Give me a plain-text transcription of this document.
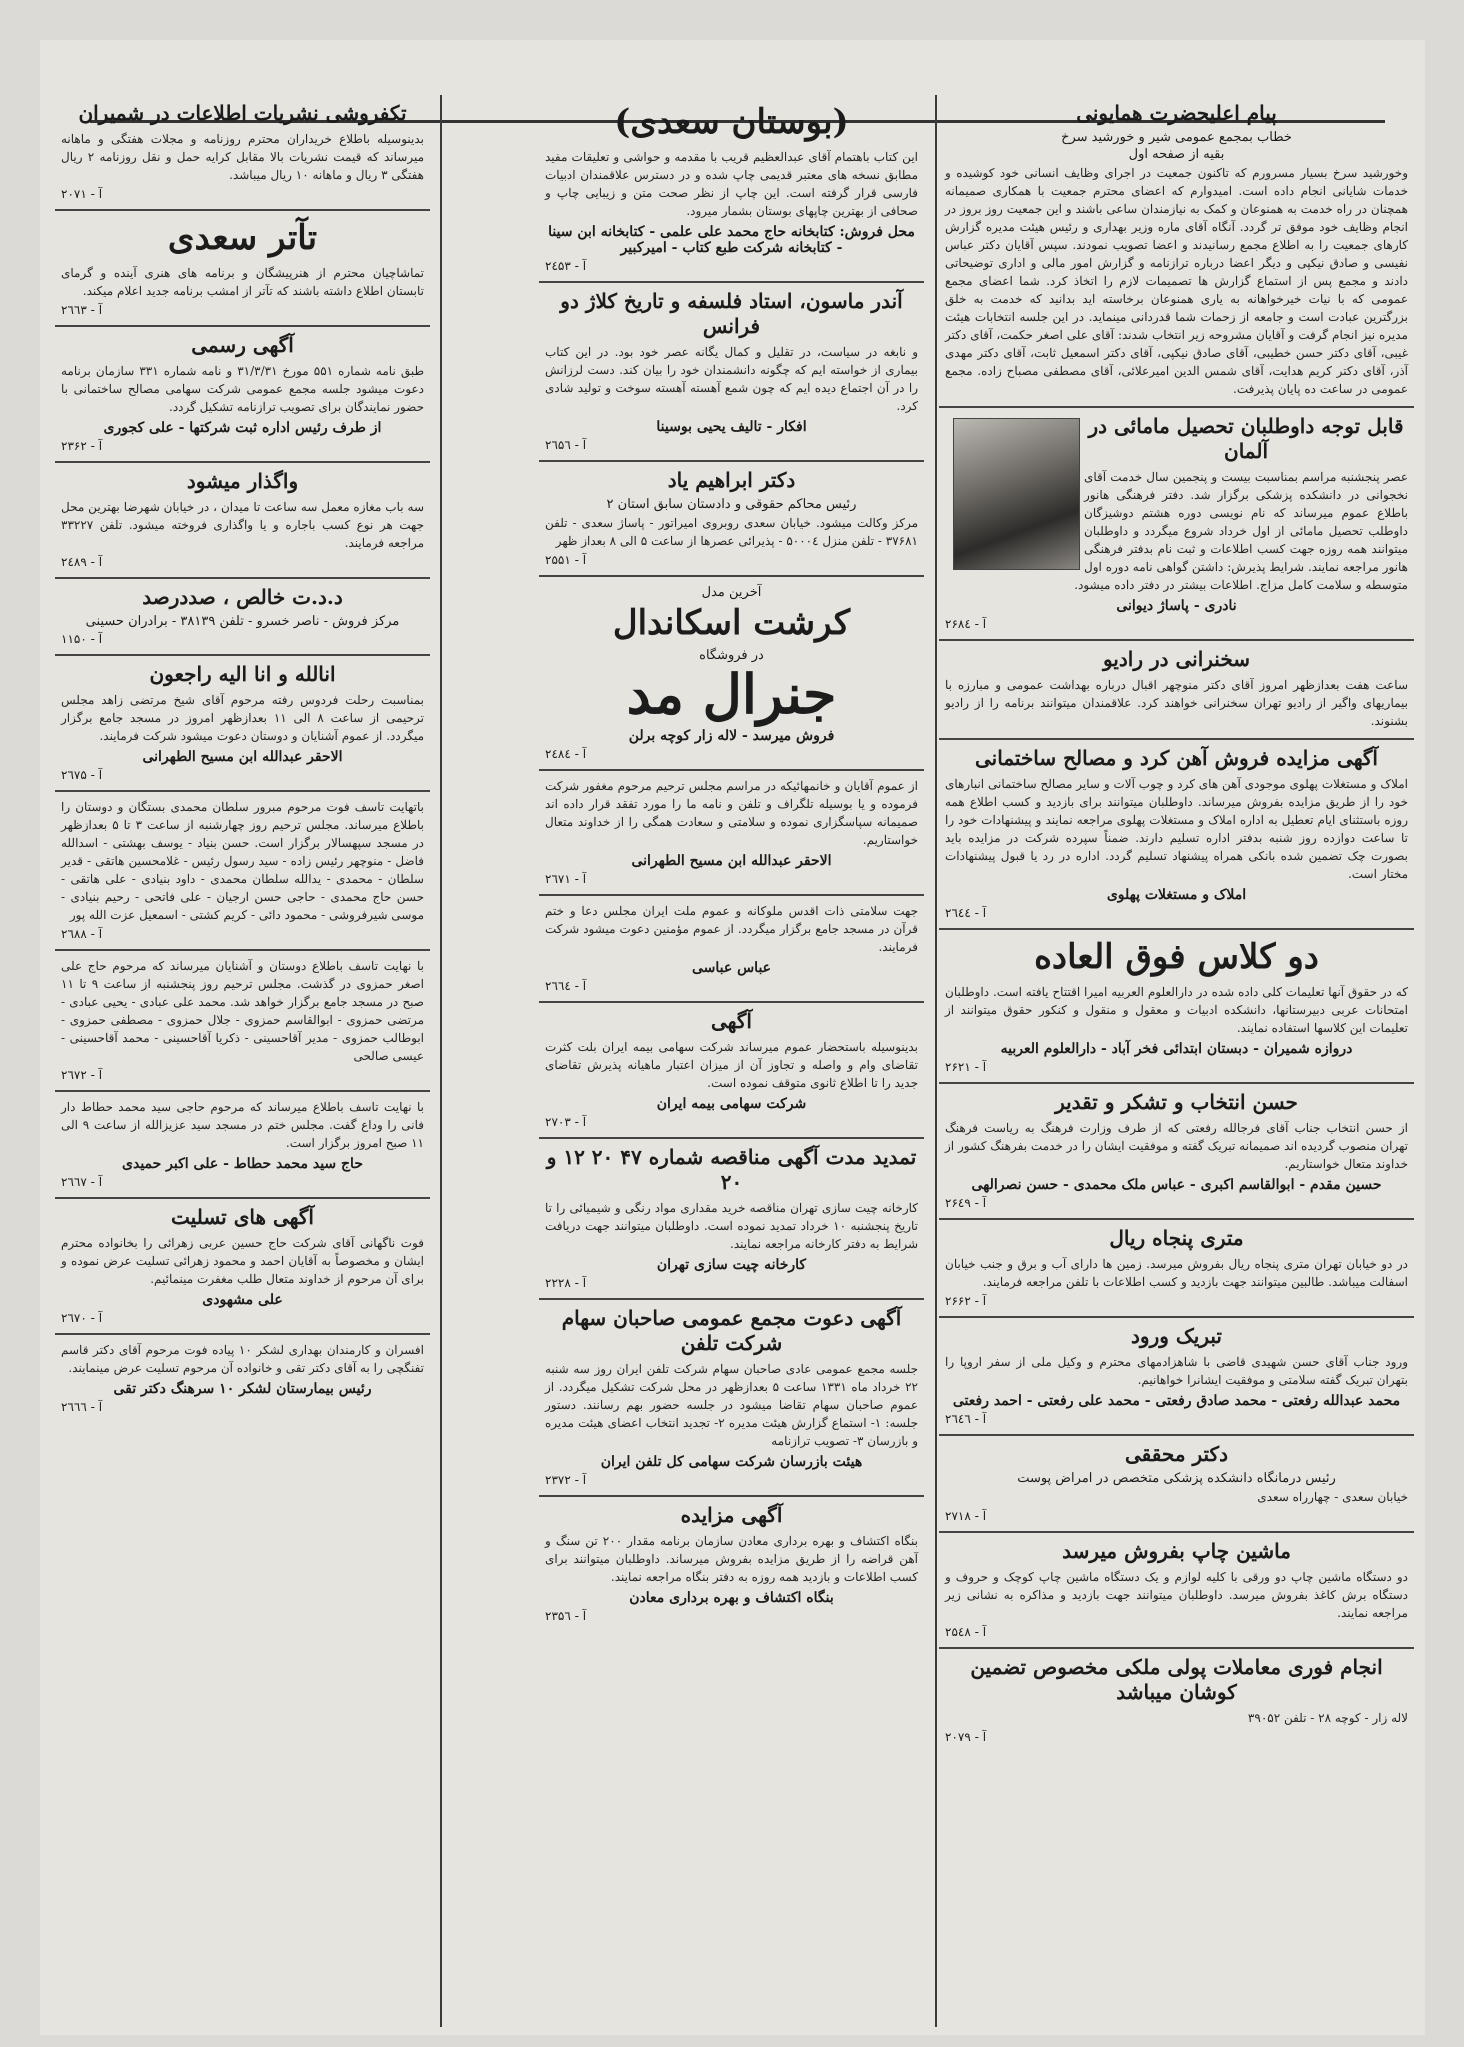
پیام اعلیحضرت همایونی
خطاب بمجمع عمومی شیر و خورشید سرخ
بقیه از صفحه اول

وخورشید سرخ بسیار مسرورم که تاکنون جمعیت در اجرای وظایف انسانی خود کوشیده و خدمات شایانی انجام داده است. امیدوارم که اعضای محترم جمعیت با همکاری صمیمانه همچنان در راه خدمت به همنوعان و کمک به نیازمندان ساعی باشند و این جمعیت روز بروز در انجام وظایف خود موفق تر گردد. آنگاه آقای ماره وزیر بهداری و رئیس هیئت مدیره گزارش کارهای جمعیت را به اطلاع مجمع رسانیدند و اعضا تصویب نمودند. سپس آقایان دکتر عباس نفیسی و صادق نیکپی و دیگر اعضا درباره ترازنامه و گزارش امور مالی و اداری توضیحاتی دادند و مجمع پس از استماع گزارش ها تصمیمات لازم را اتخاذ کرد. شما اعضای مجمع عمومی که با نیات خیرخواهانه به یاری همنوعان برخاسته اید بدانید که خدمت به خلق بزرگترین عبادت است و جامعه از زحمات شما قدردانی مینماید. در این جلسه انتخابات هیئت مدیره نیز انجام گرفت و آقایان مشروحه زیر انتخاب شدند: آقای علی اصغر حکمت، آقای دکتر غیبی، آقای دکتر حسن خطیبی، آقای صادق نیکپی، آقای دکتر اسمعیل ثابت، آقای دکتر مهدی آذر، آقای دکتر کریم هدایت، آقای شمس الدین امیرعلائی، آقای مصطفی مصباح زاده. مجمع عمومی در ساعت ده پایان پذیرفت.

قابل توجه داوطلبان تحصیل مامائی در آلمان

عصر پنجشنبه مراسم بمناسبت بیست و پنجمین سال خدمت آقای نخجوانی در دانشکده پزشکی برگزار شد. دفتر فرهنگی هانور باطلاع عموم میرساند که نام نویسی دوره هشتم دوشیزگان داوطلب تحصیل مامائی از اول خرداد شروع میگردد و داوطلبان میتوانند همه روزه جهت کسب اطلاعات و ثبت نام بدفتر فرهنگی هانور مراجعه نمایند. شرایط پذیرش: داشتن گواهی نامه دوره اول متوسطه و سلامت کامل مزاج. اطلاعات بیشتر در دفتر داده میشود.

نادری - پاساژ دیوانی
آ - ۲۶۸٤
سخنرانی در رادیو

ساعت هفت بعدازظهر امروز آقای دکتر منوچهر اقبال درباره بهداشت عمومی و مبارزه با بیماریهای واگیر از رادیو تهران سخنرانی خواهند کرد. علاقمندان میتوانند برنامه را از رادیو بشنوند.

آگهی مزایده فروش آهن کرد و مصالح ساختمانی

املاک و مستغلات پهلوی موجودی آهن های کرد و چوب آلات و سایر مصالح ساختمانی انبارهای خود را از طریق مزایده بفروش میرساند. داوطلبان میتوانند برای بازدید و کسب اطلاع همه روزه باستثنای ایام تعطیل به اداره املاک و مستغلات پهلوی مراجعه نمایند و پیشنهادات خود را تا ساعت دوازده روز شنبه بدفتر اداره تسلیم دارند. ضمناً سپرده شرکت در مزایده باید بصورت چک تضمین شده بانکی همراه پیشنهاد تسلیم گردد. اداره در رد یا قبول پیشنهادات مختار است.

املاک و مستغلات پهلوی
آ - ۲٦٤٤
دو کلاس فوق العاده

که در حقوق آنها تعلیمات کلی داده شده در دارالعلوم العربیه امیرا اقتتاح یافته است. داوطلبان امتحانات عربی دبیرستانها، دانشکده ادبیات و معقول و منقول و کنکور حقوق میتوانند از تعلیمات این کلاسها استفاده نمایند.

دروازه شمیران - دبستان ابتدائی فخر آباد - دارالعلوم العربیه
آ - ۲۶۲۱
حسن انتخاب و تشکر و تقدیر

از حسن انتخاب جناب آقای فرجالله رفعتی که از طرف وزارت فرهنگ به ریاست فرهنگ تهران منصوب گردیده اند صمیمانه تبریک گفته و موفقیت ایشان را در خدمت بفرهنگ کشور از خداوند متعال خواستاریم.

حسین مقدم - ابوالقاسم اکبری - عباس ملک محمدی - حسن نصرالهی
آ - ۲۶٤۹
متری پنجاه ریال

در دو خیابان تهران متری پنجاه ریال بفروش میرسد. زمین ها دارای آب و برق و جنب خیابان اسفالت میباشد. طالبین میتوانند جهت بازدید و کسب اطلاعات با تلفن مراجعه فرمایند.

آ - ۲۶۶۲
تبریک ورود

ورود جناب آقای حسن شهیدی قاضی با شاهزادمهای محترم و وکیل ملی از سفر اروپا را بتهران تبریک گفته سلامتی و موفقیت ایشانرا خواهانیم.

محمد عبدالله رفعتی - محمد صادق رفعتی - محمد علی رفعتی - احمد رفعتی
آ - ۲٦٤٦
دکتر محققی
رئیس درمانگاه دانشکده پزشکی متخصص در امراض پوست

خیابان سعدی - چهارراه سعدی

آ - ۲۷۱۸
ماشین چاپ بفروش میرسد

دو دستگاه ماشین چاپ دو ورقی با کلیه لوازم و یک دستگاه ماشین چاپ کوچک و حروف و دستگاه برش کاغذ بفروش میرسد. داوطلبان میتوانند جهت بازدید و مذاکره به نشانی زیر مراجعه نمایند.

آ - ۲۵٤۸
انجام فوری معاملات پولی ملکی مخصوص تضمین کوشان میباشد

لاله زار - کوچه ۲۸ - تلفن ۳۹۰۵۲

آ - ۲۰۷۹
(بوستان سعدی)

این کتاب باهتمام آقای عبدالعظیم قریب با مقدمه و حواشی و تعلیقات مفید مطابق نسخه های معتبر قدیمی چاپ شده و در دسترس علاقمندان ادبیات فارسی قرار گرفته است. این چاپ از نظر صحت متن و زیبایی چاپ و صحافی از بهترین چاپهای بوستان بشمار میرود.

محل فروش: کتابخانه حاج محمد علی علمی - کتابخانه ابن سینا - کتابخانه شرکت طبع کتاب - امیرکبیر
آ - ۲٤۵۳
آندر ماسون، استاد فلسفه و تاریخ کلاژ دو فرانس

و نابغه در سیاست، در تقلیل و کمال یگانه عصر خود بود. در این کتاب بیماری از خواسته ایم که چگونه دانشمندان خود را بیان کند. دست لرزانش را در آن اجتماع دیده ایم که چون شمع آهسته آهسته سوخت و تولید شادی کرد.

افکار - تالیف یحیی بوسینا
آ - ۲٦۵٦
دکتر ابراهیم یاد
رئیس محاکم حقوقی و دادستان سابق استان ۲

مرکز وکالت میشود. خیابان سعدی روبروی امیراتور - پاساژ سعدی - تلفن ۳۷۶۸۱ - تلفن منزل ۵۰۰۰٤ - پذیرائی عصرها از ساعت ۵ الی ۸ بعداز ظهر

آ - ۲۵۵۱
آخرین مدل
کرشت اسکاندال
در فروشگاه
جنرال مد
فروش میرسد - لاله زار کوچه برلن
آ - ۲٤٨٤

از عموم آقایان و خانمهائیکه در مراسم مجلس ترحیم مرحوم مغفور شرکت فرموده و یا بوسیله تلگراف و تلفن و نامه ما را مورد تفقد قرار داده اند صمیمانه سپاسگزاری نموده و سلامتی و سعادت همگی را از خداوند متعال خواستاریم.

الاحقر عبدالله ابن مسیح الطهرانی
آ - ۲٦۷۱

جهت سلامتی ذات اقدس ملوکانه و عموم ملت ایران مجلس دعا و ختم قرآن در مسجد جامع برگزار میگردد. از عموم مؤمنین دعوت میشود شرکت فرمایند.

عباس عباسی
آ - ۲٦٦٤
آگهی

بدینوسیله باستحضار عموم میرساند شرکت سهامی بیمه ایران بلت کثرت تقاضای وام و واصله و تجاوز آن از میزان اعتبار ماهیانه پذیرش تقاضای جدید را تا اطلاع ثانوی متوقف نموده است.

شرکت سهامی بیمه ایران
آ - ۲۷۰۳
تمدید مدت آگهی مناقصه شماره ۴۷ ۲۰ ۱۲ و ۲۰

کارخانه چیت سازی تهران مناقصه خرید مقداری مواد رنگی و شیمیائی را تا تاریخ پنجشنبه ۱۰ خرداد تمدید نموده است. داوطلبان میتوانند جهت دریافت شرایط به دفتر کارخانه مراجعه نمایند.

کارخانه چیت سازی تهران
آ - ۲۲۲۸
آگهی دعوت مجمع عمومی صاحبان سهام شرکت تلفن

جلسه مجمع عمومی عادی صاحبان سهام شرکت تلفن ایران روز سه شنبه ۲۲ خرداد ماه ۱۳۳۱ ساعت ۵ بعدازظهر در محل شرکت تشکیل میگردد. از عموم صاحبان سهام تقاضا میشود در جلسه حضور بهم رسانند. دستور جلسه: ۱- استماع گزارش هیئت مدیره ۲- تجدید انتخاب اعضای هیئت مدیره و بازرسان ۳- تصویب ترازنامه

هیئت بازرسان شرکت سهامی کل تلفن ایران
آ - ۲۳۷۲
آگهی مزایده

بنگاه اکتشاف و بهره برداری معادن سازمان برنامه مقدار ۲۰۰ تن سنگ و آهن قراضه را از طریق مزایده بفروش میرساند. داوطلبان میتوانند برای کسب اطلاعات و بازدید همه روزه به دفتر بنگاه مراجعه نمایند.

بنگاه اکتشاف و بهره برداری معادن
آ - ۲۳۵٦
تکفروشی نشریات اطلاعات در شمیران

بدینوسیله باطلاع خریداران محترم روزنامه و مجلات هفتگی و ماهانه میرساند که قیمت نشریات بالا مقابل کرایه حمل و نقل روزنامه ۲ ریال هفتگی ۳ ریال و ماهانه ۱۰ ریال میباشد.

آ - ۲۰۷۱
تآتر سعدی

تماشاچیان محترم از هنرپیشگان و برنامه های هنری آینده و گرمای تابستان اطلاع داشته باشند که تآتر از امشب برنامه جدید اعلام میکند.

آ - ۲٦٦۳
آگهی رسمی

طبق نامه شماره ۵۵۱ مورخ ۳۱/۳/۳۱ و نامه شماره ۳۳۱ سازمان برنامه دعوت میشود جلسه مجمع عمومی شرکت سهامی مصالح ساختمانی با حضور نمایندگان برای تصویب ترازنامه تشکیل گردد.

از طرف رئیس اداره ثبت شرکتها - علی کجوری
آ - ۲۳۶۲
واگذار میشود

سه باب مغازه معمل سه ساعت تا میدان ، در خیابان شهرضا بهترین محل جهت هر نوع کسب باجاره و یا واگذاری فروخته میشود. تلفن ۳۳۲۲۷ مراجعه فرمایند.

آ - ۲٤٨٩
د.د.ت خالص ، صددرصد
مرکز فروش - ناصر خسرو - تلفن ۳۸۱۳۹ - برادران حسینی
آ - ۱۱۵۰
انالله و انا الیه راجعون

بمناسبت رحلت فردوس رفته مرحوم آقای شیخ مرتضی زاهد مجلس ترحیمی از ساعت ۸ الی ۱۱ بعدازظهر امروز در مسجد جامع برگزار میگردد. از عموم آشنایان و دوستان دعوت میشود شرکت فرمایند.

الاحقر عبدالله ابن مسیح الطهرانی
آ - ۲٦٧۵

باتهایت تاسف فوت مرحوم مبرور سلطان محمدی بستگان و دوستان را باطلاع میرساند. مجلس ترحیم روز چهارشنبه از ساعت ۳ تا ۵ بعدازظهر در مسجد سپهسالار برگزار است. حسن بنیاد - یوسف بهشتی - اسدالله فاضل - منوچهر رئیس زاده - سید رسول رئیس - غلامحسین هاتقی - قدیر سلطان - محمدی - یدالله سلطان محمدی - داود بنیادی - علی هاتقی - حسن حاج محمدی - حاجی حسن ارجیان - علی فاتحی - رحیم بنیادی - موسی شیرفروشی - محمود دائی - کریم کشتی - اسمعیل عزت الله پور

آ - ۲٦٨٨

با نهایت تاسف باطلاع دوستان و آشنایان میرساند که مرحوم حاج علی اصغر حمزوی در گذشت. مجلس ترحیم روز پنجشنبه از ساعت ۹ تا ۱۱ صبح در مسجد جامع برگزار خواهد شد. محمد علی عبادی - یحیی عبادی - مرتضی حمزوی - ابوالقاسم حمزوی - جلال حمزوی - مصطفی حمزوی - ابوطالب حمزوی - مدیر آقاحسینی - ذکریا آقاحسینی - محمد آقاحسینی - عیسی صالحی

آ - ۲٦٧٢

با نهایت تاسف باطلاع میرساند که مرحوم حاجی سید محمد حطاط دار فانی را وداع گفت. مجلس ختم در مسجد سید عزیزالله از ساعت ۹ الی ۱۱ صبح امروز برگزار است.

حاج سید محمد حطاط - علی اکبر حمیدی
آ - ۲٦٦٧
آگهی های تسلیت

فوت ناگهانی آقای شرکت حاج حسین عربی زهرائی را بخانواده محترم ایشان و مخصوصاً به آقایان احمد و محمود زهرائی تسلیت عرض نموده و برای آن مرحوم از خداوند متعال طلب مغفرت مینمائیم.

علی مشهودی
آ - ۲٦۷۰

افسران و کارمندان بهداری لشکر ۱۰ پیاده فوت مرحوم آقای دکتر قاسم تفنگچی را به آقای دکتر تقی و خانواده آن مرحوم تسلیت عرض مینمایند.

رئیس بیمارستان لشکر ۱۰ سرهنگ دکتر تقی
آ - ۲٦٦٦
